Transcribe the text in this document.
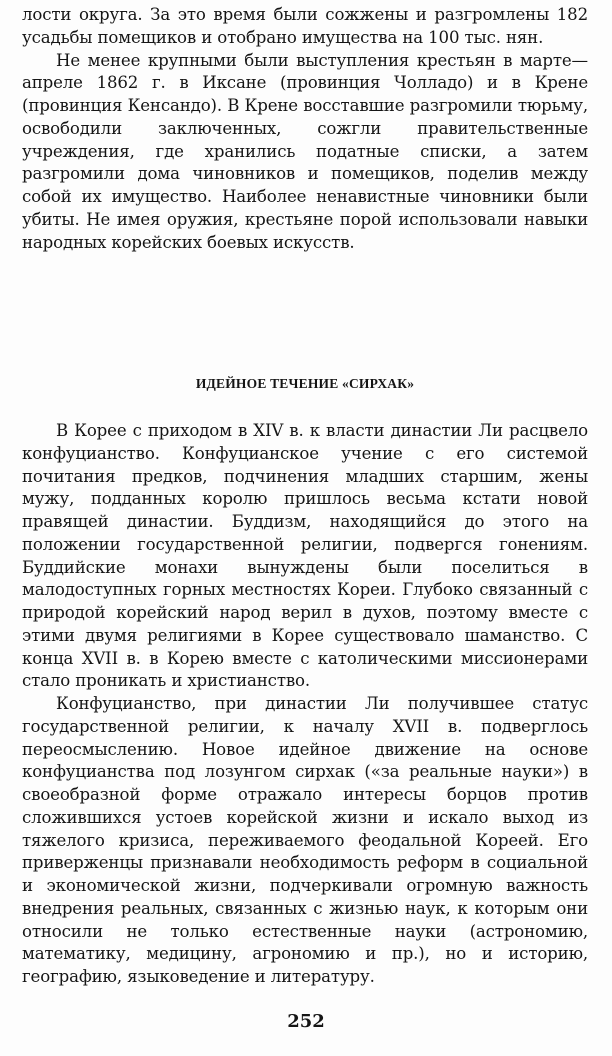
лости округа. За это время были сожжены и разгромлены 182 усадьбы помещиков и отобрано имущества на 100 тыс. нян.

Не менее крупными были выступления крестьян в марте—апреле 1862 г. в Иксане (провинция Чолладо) и в Крене (провинция Кенсандо). В Крене восставшие разгромили тюрьму, освободили заключенных, сожгли правительственные учреждения, где хранились податные списки, а затем разгромили дома чиновников и помещиков, поделив между собой их имущество. Наиболее ненавистные чиновники были убиты. Не имея оружия, крестьяне порой использовали навыки народных корейских боевых искусств.

ИДЕЙНОЕ ТЕЧЕНИЕ «СИРХАК»

В Корее с приходом в XIV в. к власти династии Ли расцвело конфуцианство. Конфуцианское учение с его системой почитания предков, подчинения младших старшим, жены мужу, подданных королю пришлось весьма кстати новой правящей династии. Буддизм, находящийся до этого на положении государственной религии, подвергся гонениям. Буддийские монахи вынуждены были поселиться в малодоступных горных местностях Кореи. Глубоко связанный с природой корейский народ верил в духов, поэтому вместе с этими двумя религиями в Корее существовало шаманство. С конца XVII в. в Корею вместе с католическими миссионерами стало проникать и христианство.

Конфуцианство, при династии Ли получившее статус государственной религии, к началу XVII в. подверглось переосмыслению. Новое идейное движение на основе конфуцианства под лозунгом сирхак («за реальные науки») в своеобразной форме отражало интересы борцов против сложившихся устоев корейской жизни и искало выход из тяжелого кризиса, переживаемого феодальной Кореей. Его приверженцы признавали необходимость реформ в социальной и экономической жизни, подчеркивали огромную важность внедрения реальных, связанных с жизнью наук, к которым они относили не только естественные науки (астрономию, математику, медицину, агрономию и пр.), но и историю, географию, языковедение и литературу.

252
